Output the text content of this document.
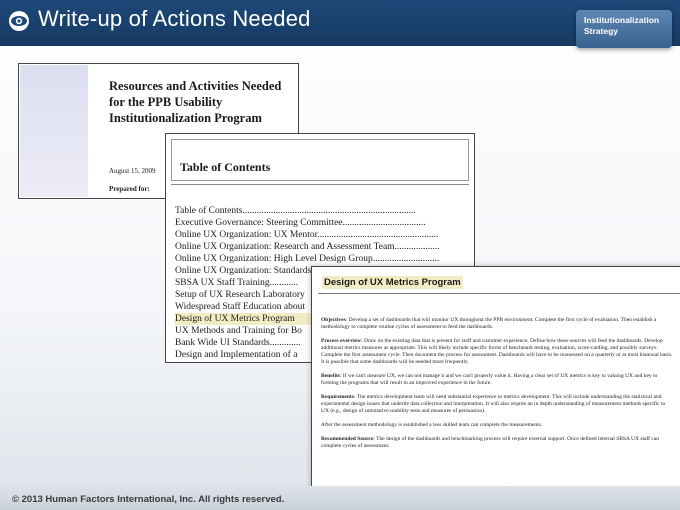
Write-up of Actions Needed	Institutionalization Strategy
Resources and Activities Needed for the PPB Usability Institutionalization Program
August 15, 2009
Prepared for:
Table of Contents
Table of Contents.........................................................................
Executive Governance: Steering Committee...................................
Online UX Organization: UX Mentor...................................................
Online UX Organization: Research and Assessment Team...................
Online UX Organization: High Level Design Group............................
Online UX Organization: Standards
SBSA UX Staff Training............
Setup of UX Research Laboratory
Widespread Staff Education about
Design of UX Metrics Program
UX Methods and Training for Bo
Bank Wide UI Standards.............
Design and Implementation of a
Design of UX Metrics Program

Objectives: Develop a set of dashboards that will monitor UX throughout the PPB environment. Complete the first cycle of evaluation. Then establish a methodology to complete routine cycles of assessment to feed the dashboards.

Process overview: Draw on the existing data that is present for staff and customer experience. Define how these sources will feed the dashboards. Develop additional metrics measures as appropriate. This will likely include specific forms of benchmark testing, evaluation, score-carding, and possibly surveys. Complete the first assessment cycle. Then document the process for assessment. Dashboards will have to be reassessed on a quarterly or at most biannual basis. It is possible that some dashboards will be needed more frequently.

Benefits: If we can't measure UX, we can not manage it and we can't properly value it. Having a clear set of UX metrics is key to valuing UX and key to forming the programs that will result in an improved experience in the future.

Requirements: The metrics development team will need substantial experience in metrics development. This will include understanding the statistical and experimental design issues that underlie data collection and interpretation. It will also require an in depth understanding of measurement methods specific to UX (e.g., design of summative usability tests and measures of persuasion).

After the assessment methodology is established a less skilled team can complete the measurements.

Recommended Source: The design of the dashboards and benchmarking process will require external support. Once defined internal SBSA UX staff can complete cycles of assessment.

© 2013 Human Factors International, Inc. All rights reserved.
